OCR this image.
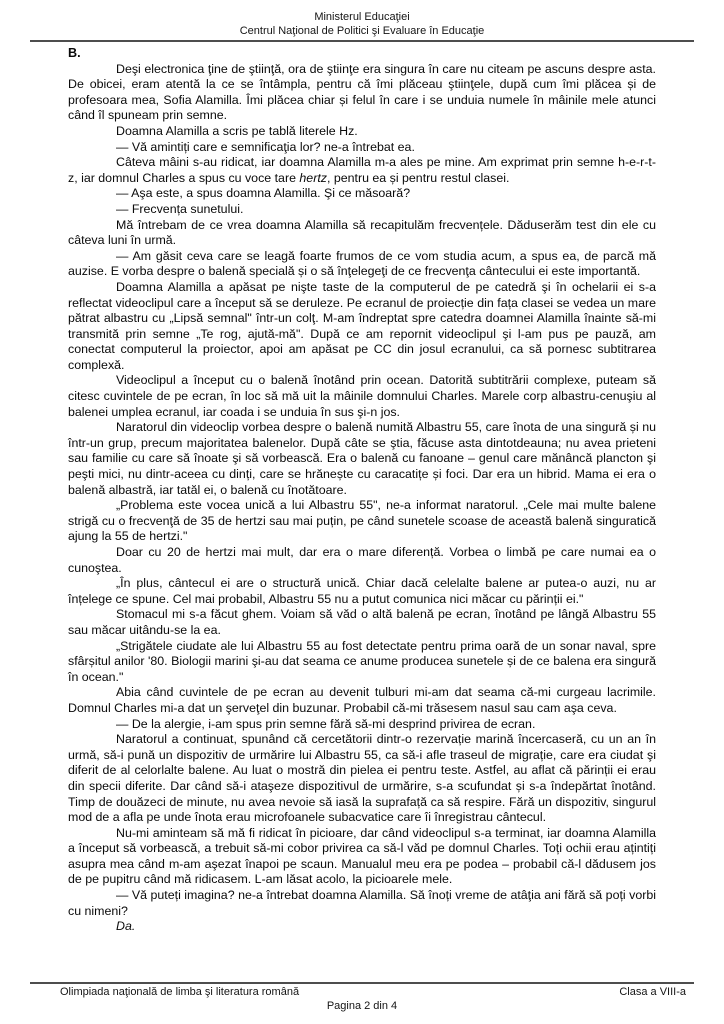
Ministerul Educaţiei
Centrul Naţional de Politici şi Evaluare în Educaţie
B.

Deşi electronica ţine de ştiinţă, ora de ştiinţe era singura în care nu citeam pe ascuns despre asta. De obicei, eram atentă la ce se întâmpla, pentru că îmi plăceau ştiinţele, după cum îmi plăcea și de profesoara mea, Sofia Alamilla. Îmi plăcea chiar și felul în care i se unduia numele în mâinile mele atunci când îl spuneam prin semne.

Doamna Alamilla a scris pe tablă literele Hz.

— Vă amintiți care e semnificaţia lor? ne-a întrebat ea.

Câteva mâini s-au ridicat, iar doamna Alamilla m-a ales pe mine. Am exprimat prin semne h-e-r-t-z, iar domnul Charles a spus cu voce tare hertz, pentru ea și pentru restul clasei.

— Aşa este, a spus doamna Alamilla. Şi ce măsoară?

— Frecvența sunetului.

Mă întrebam de ce vrea doamna Alamilla să recapitulăm frecvențele. Dăduserăm test din ele cu câteva luni în urmă.

— Am găsit ceva care se leagă foarte frumos de ce vom studia acum, a spus ea, de parcă mă auzise. E vorba despre o balenă specială și o să înţelegeţi de ce frecvenţa cântecului ei este importantă.

Doamna Alamilla a apăsat pe nişte taste de la computerul de pe catedră şi în ochelarii ei s-a reflectat videoclipul care a început să se deruleze. Pe ecranul de proiecție din fața clasei se vedea un mare pătrat albastru cu „Lipsă semnal" într-un colţ. M-am îndreptat spre catedra doamnei Alamilla înainte să-mi transmită prin semne „Te rog, ajută-mă". După ce am repornit videoclipul şi l-am pus pe pauză, am conectat computerul la proiector, apoi am apăsat pe CC din josul ecranului, ca să pornesc subtitrarea complexă.

Videoclipul a început cu o balenă înotând prin ocean. Datorită subtitrării complexe, puteam să citesc cuvintele de pe ecran, în loc să mă uit la mâinile domnului Charles. Marele corp albastru-cenuşiu al balenei umplea ecranul, iar coada i se unduia în sus şi-n jos.

Naratorul din videoclip vorbea despre o balenă numită Albastru 55, care înota de una singură și nu într-un grup, precum majoritatea balenelor. După câte se ştia, făcuse asta dintotdeauna; nu avea prieteni sau familie cu care să înoate şi să vorbească. Era o balenă cu fanoane – genul care mănâncă plancton şi peşti mici, nu dintr-aceea cu dinți, care se hrănește cu caracatițe și foci. Dar era un hibrid. Mama ei era o balenă albastră, iar tatăl ei, o balenă cu înotătoare.

„Problema este vocea unică a lui Albastru 55", ne-a informat naratorul. „Cele mai multe balene strigă cu o frecvenţă de 35 de hertzi sau mai puțin, pe când sunetele scoase de această balenă singuratică ajung la 55 de hertzi."

Doar cu 20 de hertzi mai mult, dar era o mare diferență. Vorbea o limbă pe care numai ea o cunoştea.

„În plus, cântecul ei are o structură unică. Chiar dacă celelalte balene ar putea-o auzi, nu ar înțelege ce spune. Cel mai probabil, Albastru 55 nu a putut comunica nici măcar cu părinții ei."

Stomacul mi s-a făcut ghem. Voiam să văd o altă balenă pe ecran, înotând pe lângă Albastru 55 sau măcar uitându-se la ea.

„Strigătele ciudate ale lui Albastru 55 au fost detectate pentru prima oară de un sonar naval, spre sfârșitul anilor '80. Biologii marini şi-au dat seama ce anume producea sunetele și de ce balena era singură în ocean."

Abia când cuvintele de pe ecran au devenit tulburi mi-am dat seama că-mi curgeau lacrimile. Domnul Charles mi-a dat un şerveţel din buzunar. Probabil că-mi trăsesem nasul sau cam aşa ceva.

— De la alergie, i-am spus prin semne fără să-mi desprind privirea de ecran.

Naratorul a continuat, spunând că cercetătorii dintr-o rezervație marină încercaseră, cu un an în urmă, să-i pună un dispozitiv de urmărire lui Albastru 55, ca să-i afle traseul de migrație, care era ciudat şi diferit de al celorlalte balene. Au luat o mostră din pielea ei pentru teste. Astfel, au aflat că părinții ei erau din specii diferite. Dar când să-i ataşeze dispozitivul de urmărire, s-a scufundat și s-a îndepărtat înotând. Timp de douăzeci de minute, nu avea nevoie să iasă la suprafață ca să respire. Fără un dispozitiv, singurul mod de a afla pe unde înota erau microfoanele subacvatice care îi înregistrau cântecul.

Nu-mi aminteam să mă fi ridicat în picioare, dar când videoclipul s-a terminat, iar doamna Alamilla a început să vorbească, a trebuit să-mi cobor privirea ca să-l văd pe domnul Charles. Toți ochii erau ațintiți asupra mea când m-am aşezat înapoi pe scaun. Manualul meu era pe podea – probabil că-l dădusem jos de pe pupitru când mă ridicasem. L-am lăsat acolo, la picioarele mele.

— Vă puteți imagina? ne-a întrebat doamna Alamilla. Să înoți vreme de atâţia ani fără să poți vorbi cu nimeni?

Da.

Olimpiada naţională de limba şi literatura română	Clasa a VIII-a
Pagina 2 din 4
